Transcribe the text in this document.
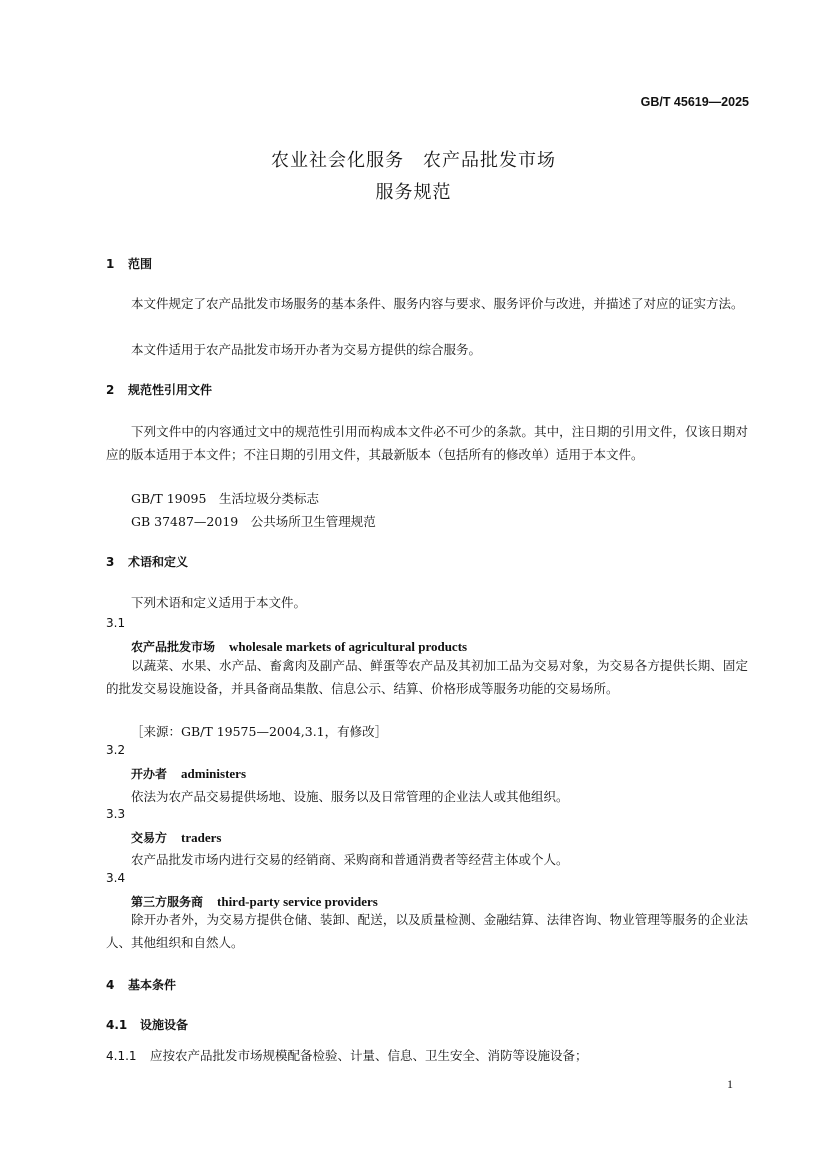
GB/T 45619—2025
农业社会化服务　农产品批发市场
服务规范
1 范围
本文件规定了农产品批发市场服务的基本条件、服务内容与要求、服务评价与改进，并描述了对应的证实方法。
本文件适用于农产品批发市场开办者为交易方提供的综合服务。
2 规范性引用文件
下列文件中的内容通过文中的规范性引用而构成本文件必不可少的条款。其中，注日期的引用文件，仅该日期对应的版本适用于本文件；不注日期的引用文件，其最新版本（包括所有的修改单）适用于本文件。
GB/T 19095　生活垃圾分类标志
GB 37487—2019　公共场所卫生管理规范
3 术语和定义
下列术语和定义适用于本文件。
3.1
农产品批发市场 wholesale markets of agricultural products
以蔬菜、水果、水产品、畜禽肉及副产品、鲜蛋等农产品及其初加工品为交易对象，为交易各方提供长期、固定的批发交易设施设备，并具备商品集散、信息公示、结算、价格形成等服务功能的交易场所。
［来源：GB/T 19575—2004,3.1，有修改］
3.2
开办者 administers
依法为农产品交易提供场地、设施、服务以及日常管理的企业法人或其他组织。
3.3
交易方 traders
农产品批发市场内进行交易的经销商、采购商和普通消费者等经营主体或个人。
3.4
第三方服务商 third-party service providers
除开办者外，为交易方提供仓储、装卸、配送，以及质量检测、金融结算、法律咨询、物业管理等服务的企业法人、其他组织和自然人。
4 基本条件
4.1 设施设备
4.1.1 应按农产品批发市场规模配备检验、计量、信息、卫生安全、消防等设施设备；
1
